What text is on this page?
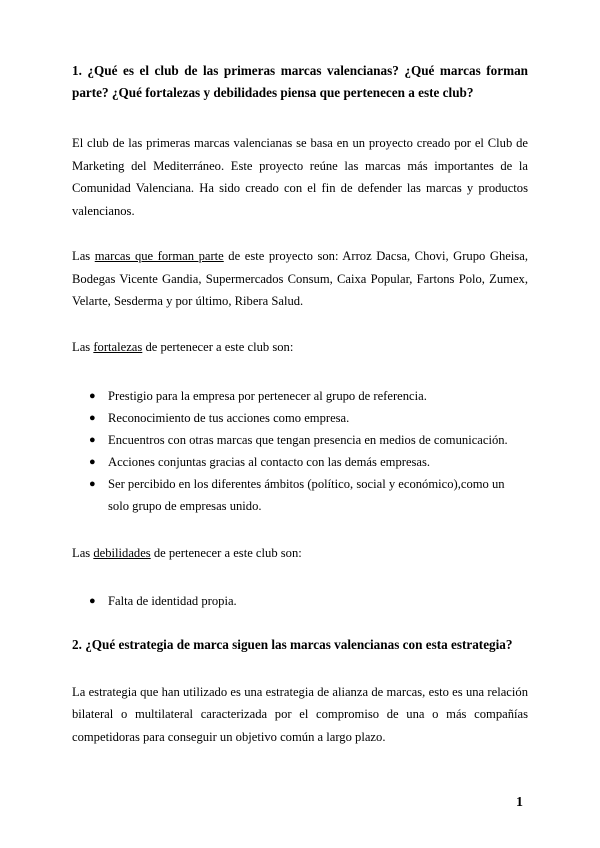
1. ¿Qué es el club de las primeras marcas valencianas? ¿Qué marcas forman parte? ¿Qué fortalezas y debilidades piensa que pertenecen a este club?

El club de las primeras marcas valencianas se basa en un proyecto creado por el Club de Marketing del Mediterráneo. Este proyecto reúne las marcas más importantes de la Comunidad Valenciana. Ha sido creado con el fin de defender las marcas y productos valencianos.

Las marcas que forman parte de este proyecto son: Arroz Dacsa, Chovi, Grupo Gheisa, Bodegas Vicente Gandia, Supermercados Consum, Caixa Popular, Fartons Polo, Zumex, Velarte, Sesderma y por último, Ribera Salud.

Las fortalezas de pertenecer a este club son:

● Prestigio para la empresa por pertenecer al grupo de referencia.
● Reconocimiento de tus acciones como empresa.
● Encuentros con otras marcas que tengan presencia en medios de comunicación.
● Acciones conjuntas gracias al contacto con las demás empresas.
● Ser percibido en los diferentes ámbitos (político, social y económico),como un solo grupo de empresas unido.

Las debilidades de pertenecer a este club son:

● Falta de identidad propia.

2. ¿Qué estrategia de marca siguen las marcas valencianas con esta estrategia?

La estrategia que han utilizado es una estrategia de alianza de marcas, esto es una relación bilateral o multilateral caracterizada por el compromiso de una o más compañías competidoras para conseguir un objetivo común a largo plazo.

1
